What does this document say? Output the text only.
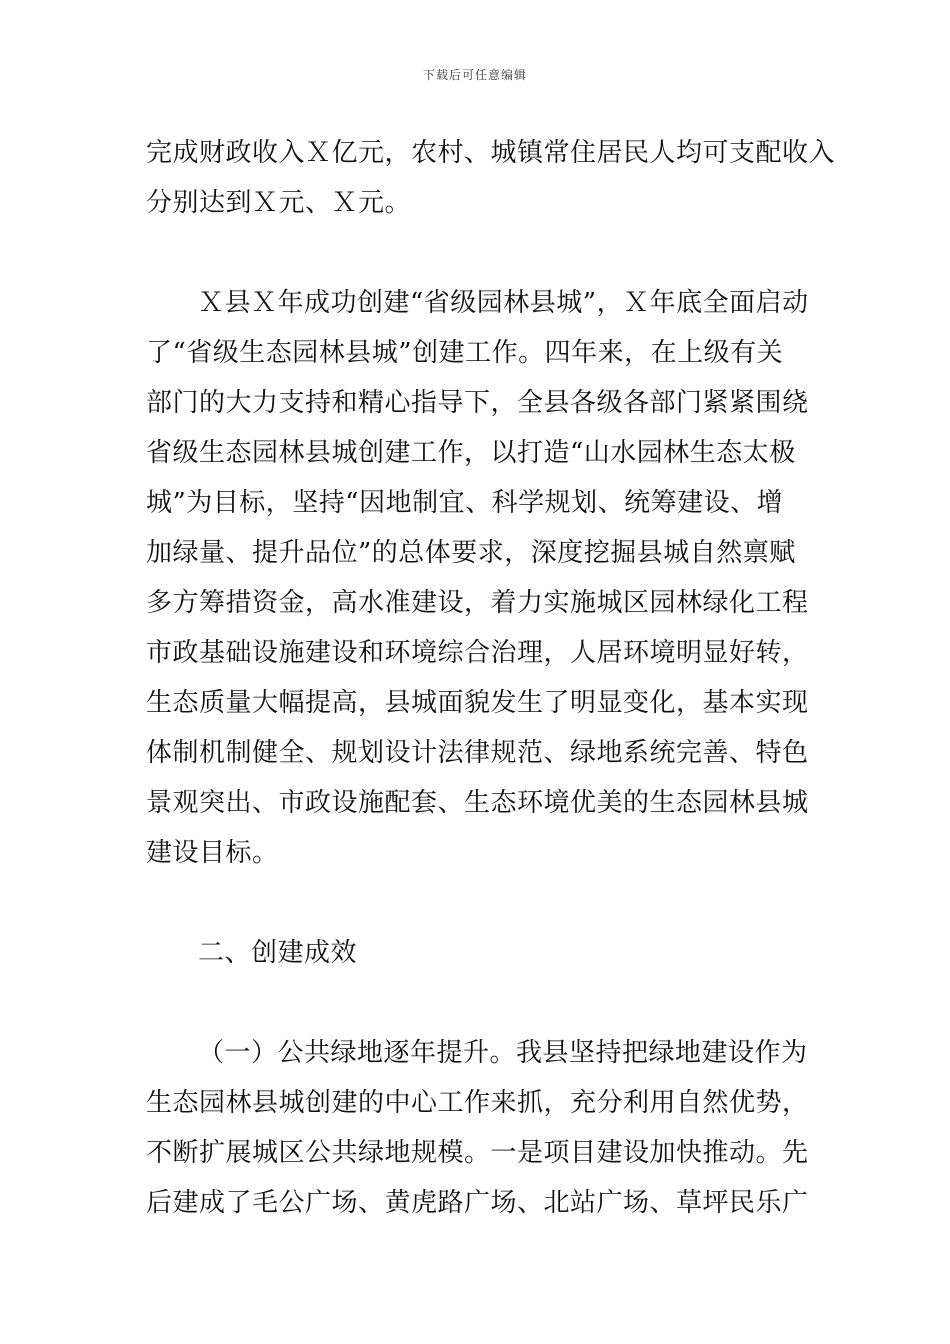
下载后可任意编辑
完成财政收入Ｘ亿元，农村、城镇常住居民人均可支配收入
分别达到Ｘ元、Ｘ元。
Ｘ县Ｘ年成功创建“省级园林县城”，Ｘ年底全面启动
了“省级生态园林县城”创建工作。四年来，在上级有关
部门的大力支持和精心指导下，全县各级各部门紧紧围绕
省级生态园林县城创建工作，以打造“山水园林生态太极
城”为目标，坚持“因地制宜、科学规划、统筹建设、增
加绿量、提升品位”的总体要求，深度挖掘县城自然禀赋
多方筹措资金，高水准建设，着力实施城区园林绿化工程
市政基础设施建设和环境综合治理，人居环境明显好转，
生态质量大幅提高，县城面貌发生了明显变化，基本实现
体制机制健全、规划设计法律规范、绿地系统完善、特色
景观突出、市政设施配套、生态环境优美的生态园林县城
建设目标。
二、创建成效
（一）公共绿地逐年提升。我县坚持把绿地建设作为
生态园林县城创建的中心工作来抓，充分利用自然优势，
不断扩展城区公共绿地规模。一是项目建设加快推动。先
后建成了毛公广场、黄虎路广场、北站广场、草坪民乐广
